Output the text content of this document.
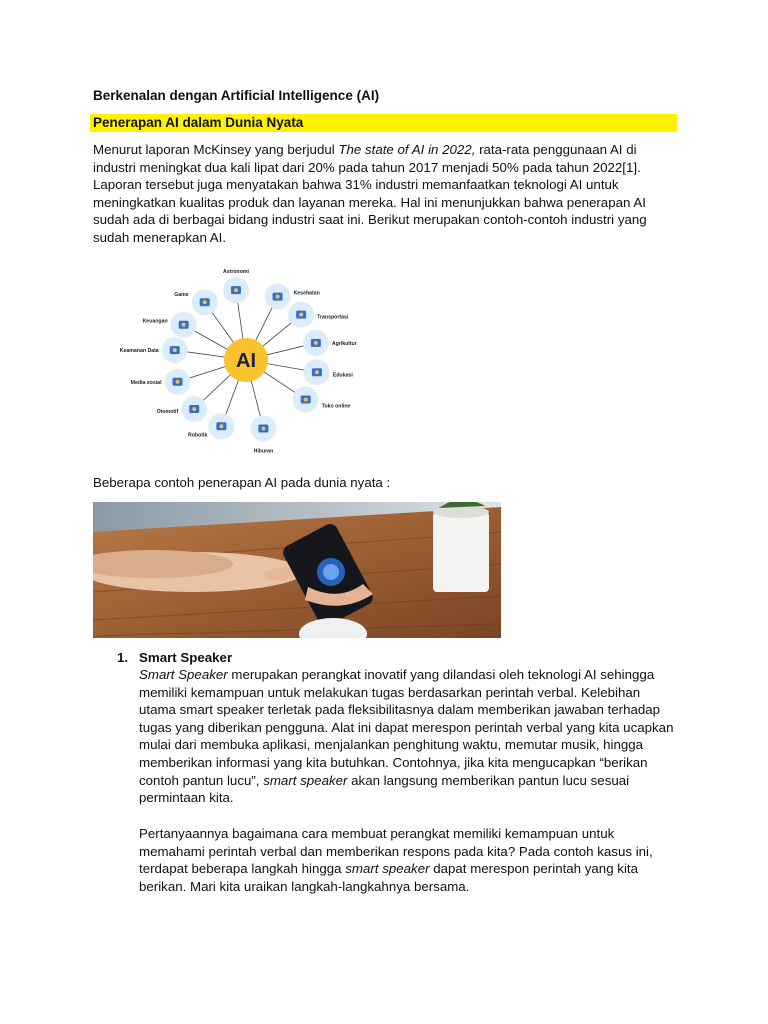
Berkenalan dengan Artificial Intelligence (AI)
Penerapan AI dalam Dunia Nyata

Menurut laporan McKinsey yang berjudul The state of AI in 2022, rata-rata penggunaan AI di industri meningkat dua kali lipat dari 20% pada tahun 2017 menjadi 50% pada tahun 2022[1]. Laporan tersebut juga menyatakan bahwa 31% industri memanfaatkan teknologi AI untuk meningkatkan kualitas produk dan layanan mereka. Hal ini menunjukkan bahwa penerapan AI sudah ada di berbagai bidang industri saat ini. Berikut merupakan contoh-contoh industri yang sudah menerapkan AI.

Astronomi
Kesehatan
Transportasi
Agrikultur
Edukasi
Toko online
Hiburan
Robotik
Otomotif
Media sosial
Keamanan Data
Keuangan
Game
AI
Beberapa contoh penerapan AI pada dunia nyata :
1. Smart Speaker

Smart Speaker merupakan perangkat inovatif yang dilandasi oleh teknologi AI sehingga memiliki kemampuan untuk melakukan tugas berdasarkan perintah verbal. Kelebihan utama smart speaker terletak pada fleksibilitasnya dalam memberikan jawaban terhadap tugas yang diberikan pengguna. Alat ini dapat merespon perintah verbal yang kita ucapkan mulai dari membuka aplikasi, menjalankan penghitung waktu, memutar musik, hingga memberikan informasi yang kita butuhkan. Contohnya, jika kita mengucapkan “berikan contoh pantun lucu”, smart speaker akan langsung memberikan pantun lucu sesuai permintaan kita.

Pertanyaannya bagaimana cara membuat perangkat memiliki kemampuan untuk memahami perintah verbal dan memberikan respons pada kita? Pada contoh kasus ini, terdapat beberapa langkah hingga smart speaker dapat merespon perintah yang kita berikan. Mari kita uraikan langkah-langkahnya bersama.
